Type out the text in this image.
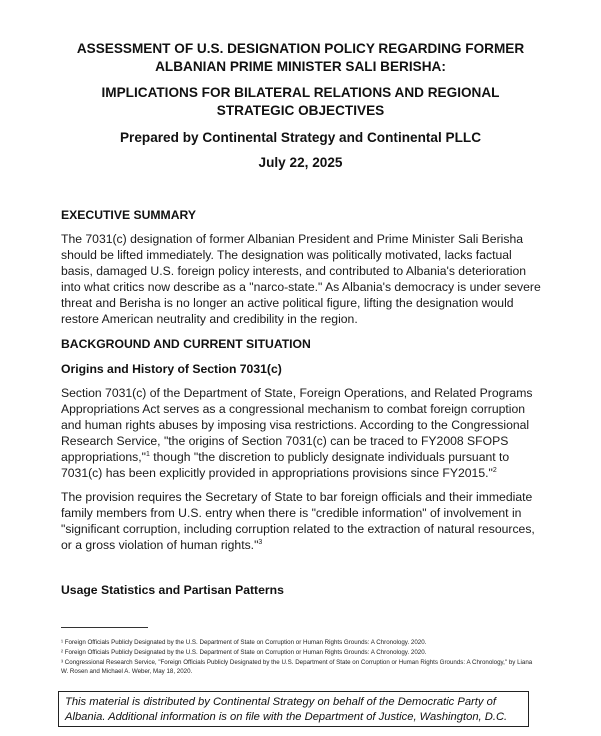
ASSESSMENT OF U.S. DESIGNATION POLICY REGARDING FORMER
ALBANIAN PRIME MINISTER SALI BERISHA:
IMPLICATIONS FOR BILATERAL RELATIONS AND REGIONAL
STRATEGIC OBJECTIVES
Prepared by Continental Strategy and Continental PLLC
July 22, 2025
EXECUTIVE SUMMARY

The 7031(c) designation of former Albanian President and Prime Minister Sali Berisha should be lifted immediately. The designation was politically motivated, lacks factual basis, damaged U.S. foreign policy interests, and contributed to Albania's deterioration into what critics now describe as a "narco-state." As Albania's democracy is under severe threat and Berisha is no longer an active political figure, lifting the designation would restore American neutrality and credibility in the region.

BACKGROUND AND CURRENT SITUATION
Origins and History of Section 7031(c)

Section 7031(c) of the Department of State, Foreign Operations, and Related Programs Appropriations Act serves as a congressional mechanism to combat foreign corruption and human rights abuses by imposing visa restrictions. According to the Congressional Research Service, "the origins of Section 7031(c) can be traced to FY2008 SFOPS appropriations,"$^1$ though "the discretion to publicly designate individuals pursuant to 7031(c) has been explicitly provided in appropriations provisions since FY2015."$^2$

The provision requires the Secretary of State to bar foreign officials and their immediate family members from U.S. entry when there is "credible information" of involvement in "significant corruption, including corruption related to the extraction of natural resources, or a gross violation of human rights."$^3$

Usage Statistics and Partisan Patterns
¹ Foreign Officials Publicly Designated by the U.S. Department of State on Corruption or Human Rights Grounds: A Chronology. 2020.
² Foreign Officials Publicly Designated by the U.S. Department of State on Corruption or Human Rights Grounds: A Chronology. 2020.
³ Congressional Research Service, "Foreign Officials Publicly Designated by the U.S. Department of State on Corruption or Human Rights Grounds: A Chronology," by Liana W. Rosen and Michael A. Weber, May 18, 2020.
This material is distributed by Continental Strategy on behalf of the Democratic Party of Albania. Additional information is on file with the Department of Justice, Washington, D.C.
